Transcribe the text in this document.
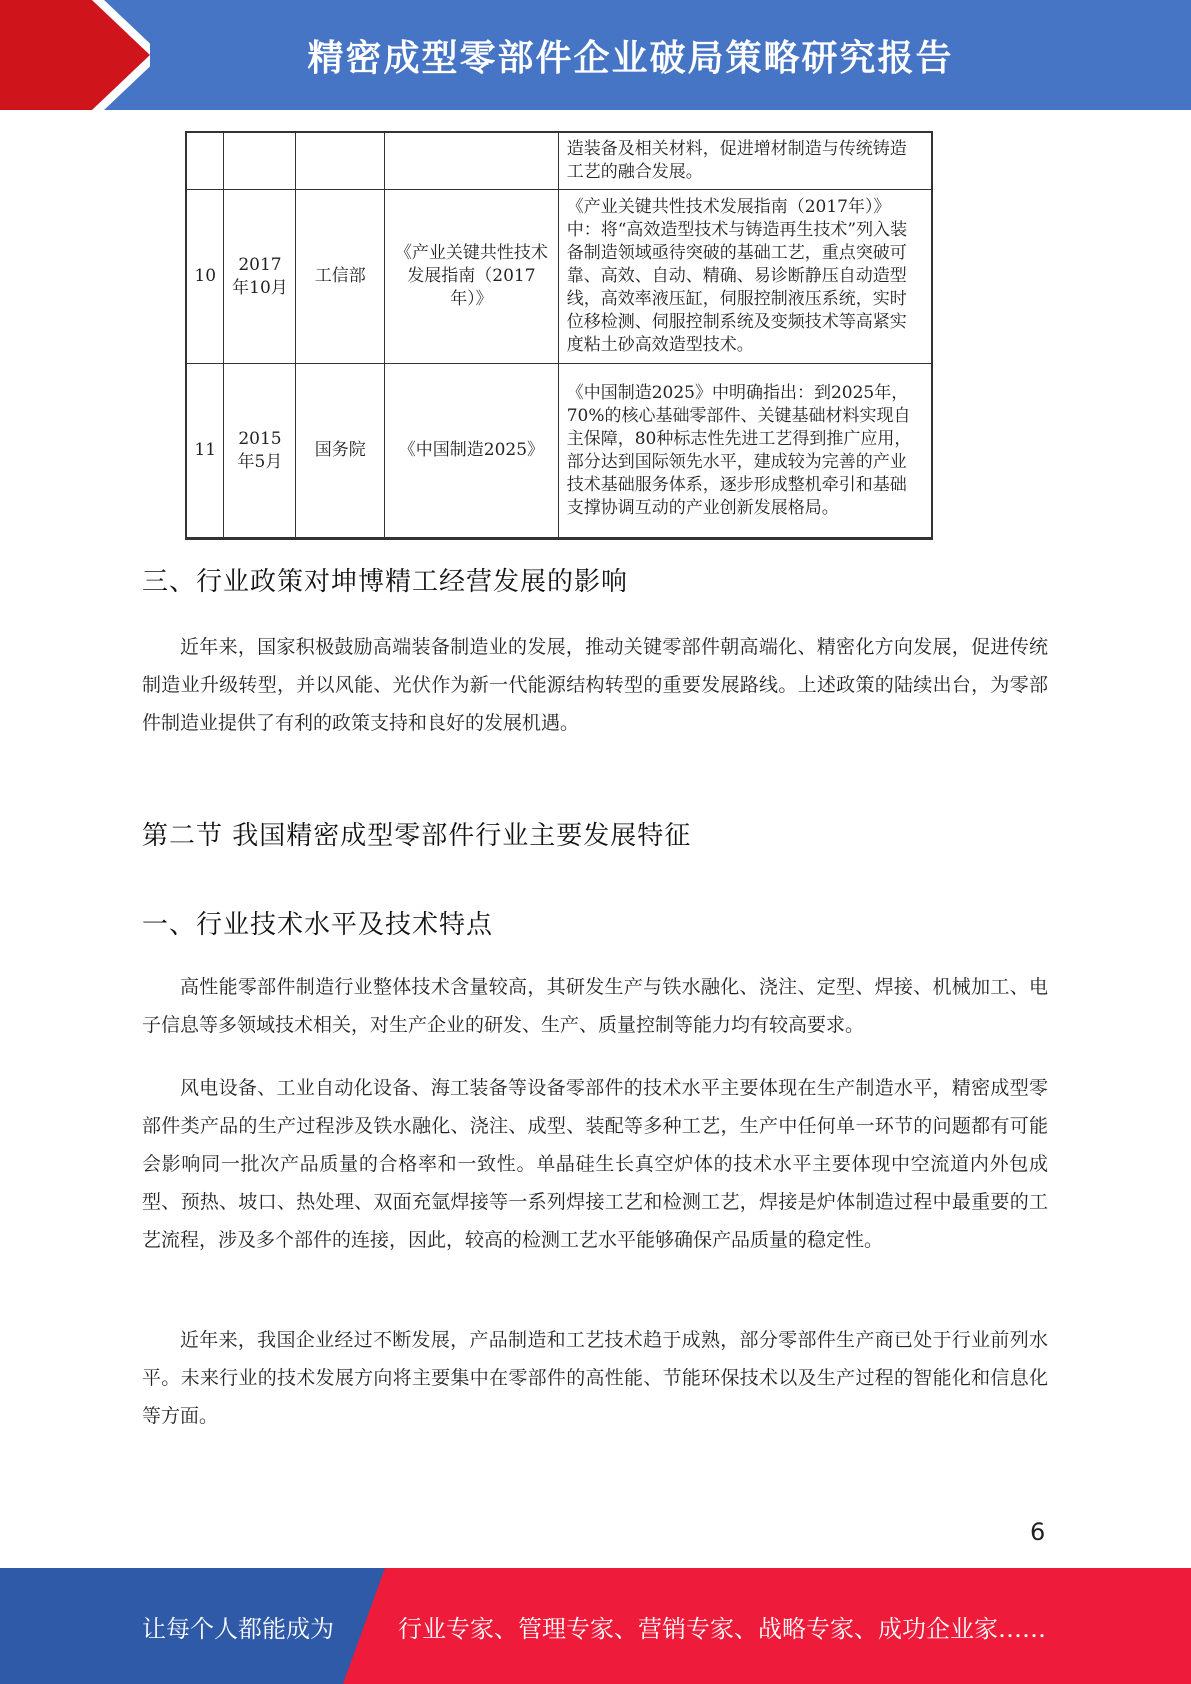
精密成型零部件企业破局策略研究报告
				造装备及相关材料，促进增材制造与传统铸造工艺的融合发展。
10	2017年10月	工信部	《产业关键共性技术发展指南（2017年）》	《产业关键共性技术发展指南（2017年）》中：将“高效造型技术与铸造再生技术”列入装备制造领域亟待突破的基础工艺，重点突破可靠、高效、自动、精确、易诊断静压自动造型线，高效率液压缸，伺服控制液压系统，实时位移检测、伺服控制系统及变频技术等高紧实度粘土砂高效造型技术。
11	2015年5月	国务院	《中国制造2025》	《中国制造2025》中明确指出：到2025年，70%的核心基础零部件、关键基础材料实现自主保障，80种标志性先进工艺得到推广应用，部分达到国际领先水平，建成较为完善的产业技术基础服务体系，逐步形成整机牵引和基础支撑协调互动的产业创新发展格局。
三、行业政策对坤博精工经营发展的影响

近年来，国家积极鼓励高端装备制造业的发展，推动关键零部件朝高端化、精密化方向发展，促进传统制造业升级转型，并以风能、光伏作为新一代能源结构转型的重要发展路线。上述政策的陆续出台，为零部件制造业提供了有利的政策支持和良好的发展机遇。

第二节 我国精密成型零部件行业主要发展特征
一、行业技术水平及技术特点

高性能零部件制造行业整体技术含量较高，其研发生产与铁水融化、浇注、定型、焊接、机械加工、电子信息等多领域技术相关，对生产企业的研发、生产、质量控制等能力均有较高要求。

风电设备、工业自动化设备、海工装备等设备零部件的技术水平主要体现在生产制造水平，精密成型零部件类产品的生产过程涉及铁水融化、浇注、成型、装配等多种工艺，生产中任何单一环节的问题都有可能会影响同一批次产品质量的合格率和一致性。单晶硅生长真空炉体的技术水平主要体现中空流道内外包成型、预热、坡口、热处理、双面充氩焊接等一系列焊接工艺和检测工艺，焊接是炉体制造过程中最重要的工艺流程，涉及多个部件的连接，因此，较高的检测工艺水平能够确保产品质量的稳定性。

近年来，我国企业经过不断发展，产品制造和工艺技术趋于成熟，部分零部件生产商已处于行业前列水平。未来行业的技术发展方向将主要集中在零部件的高性能、节能环保技术以及生产过程的智能化和信息化等方面。

6
让每个人都能成为	行业专家、管理专家、营销专家、战略专家、成功企业家……
